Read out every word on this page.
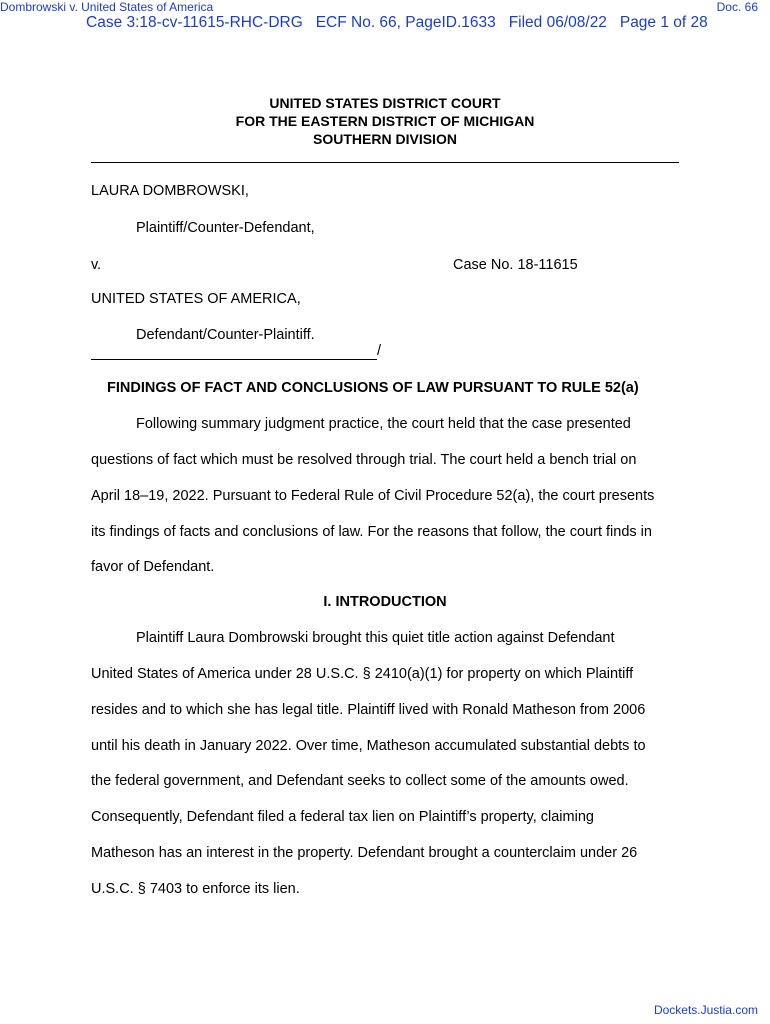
Dombrowski v. United States of America	Doc. 66
Case 3:18-cv-11615-RHC-DRG   ECF No. 66, PageID.1633   Filed 06/08/22   Page 1 of 28
UNITED STATES DISTRICT COURT
FOR THE EASTERN DISTRICT OF MICHIGAN
SOUTHERN DIVISION
LAURA DOMBROWSKI,
Plaintiff/Counter-Defendant,
v.	Case No. 18-11615
UNITED STATES OF AMERICA,
Defendant/Counter-Plaintiff.
/
FINDINGS OF FACT AND CONCLUSIONS OF LAW PURSUANT TO RULE 52(a)
Following summary judgment practice, the court held that the case presented
questions of fact which must be resolved through trial. The court held a bench trial on
April 18–19, 2022. Pursuant to Federal Rule of Civil Procedure 52(a), the court presents
its findings of facts and conclusions of law. For the reasons that follow, the court finds in
favor of Defendant.
I. INTRODUCTION
Plaintiff Laura Dombrowski brought this quiet title action against Defendant
United States of America under 28 U.S.C. § 2410(a)(1) for property on which Plaintiff
resides and to which she has legal title. Plaintiff lived with Ronald Matheson from 2006
until his death in January 2022. Over time, Matheson accumulated substantial debts to
the federal government, and Defendant seeks to collect some of the amounts owed.
Consequently, Defendant filed a federal tax lien on Plaintiff’s property, claiming
Matheson has an interest in the property. Defendant brought a counterclaim under 26
U.S.C. § 7403 to enforce its lien.
Dockets.Justia.com
